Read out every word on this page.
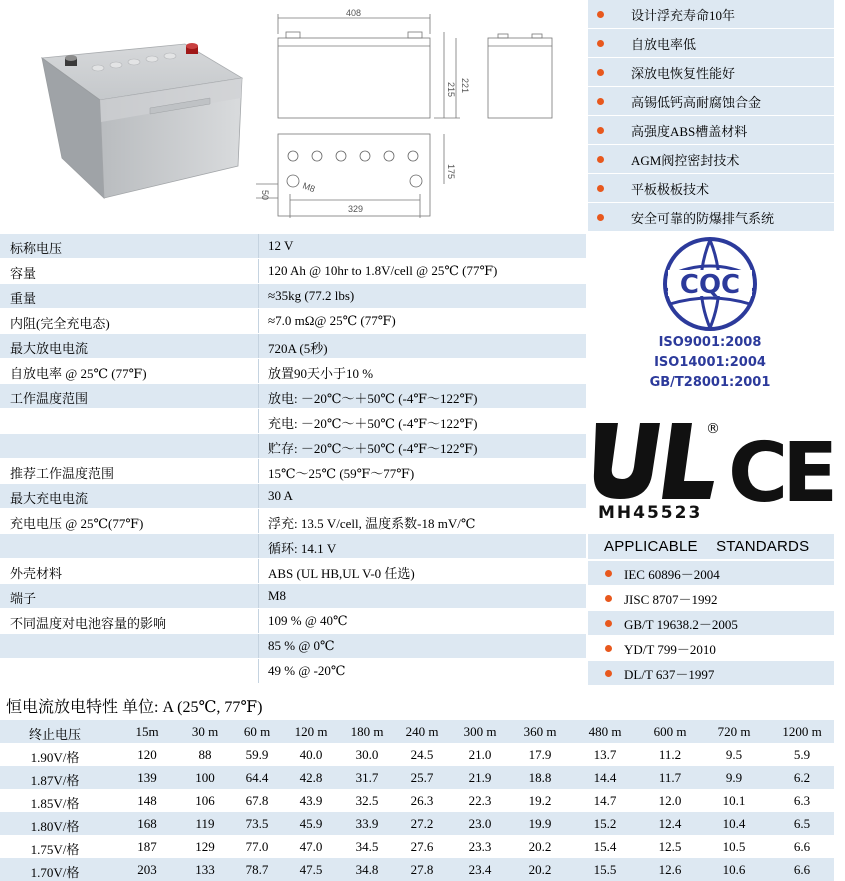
408
221
215
175
329
50
M8
设计浮充寿命10年
自放电率低
深放电恢复性能好
高锡低钙高耐腐蚀合金
高强度ABS槽盖材料
AGM阀控密封技术
平板极板技术
安全可靠的防爆排气系统
标称电压	12 V
容量	120 Ah @ 10hr to 1.8V/cell @ 25℃ (77℉)
重量	≈35kg (77.2 lbs)
内阻(完全充电态)	≈7.0 mΩ@ 25℃ (77℉)
最大放电电流	720A (5秒)
自放电率 @ 25℃ (77℉)	放置90天小于10 %
工作温度范围	放电: －20℃～＋50℃ (-4℉～122℉)
充电: －20℃～＋50℃ (-4℉～122℉)
贮存: －20℃～＋50℃ (-4℉～122℉)
推荐工作温度范围	15℃～25℃ (59℉～77℉)
最大充电电流	30 A
充电电压 @ 25℃(77℉)	浮充: 13.5 V/cell, 温度系数-18 mV/℃
循环: 14.1 V
外壳材料	ABS (UL HB,UL V-0 任选)
端子	M8
不同温度对电池容量的影响	109 % @ 40℃
85 % @ 0℃
49 % @ -20℃
CQC
ISO9001:2008
ISO14001:2004
GB/T28001:2001
®
MH45523 CE
APPLICABLE STANDARDS
IEC 60896－2004
JISC 8707－1992
GB/T 19638.2－2005
YD/T 799－2010
DL/T 637－1997
恒电流放电特性 单位: A (25℃, 77℉)
终止电压	15m	30 m	60 m	120 m	180 m	240 m	300 m	360 m	480 m	600 m	720 m	1200 m
1.90V/格	120	88	59.9	40.0	30.0	24.5	21.0	17.9	13.7	11.2	9.5	5.9
1.87V/格	139	100	64.4	42.8	31.7	25.7	21.9	18.8	14.4	11.7	9.9	6.2
1.85V/格	148	106	67.8	43.9	32.5	26.3	22.3	19.2	14.7	12.0	10.1	6.3
1.80V/格	168	119	73.5	45.9	33.9	27.2	23.0	19.9	15.2	12.4	10.4	6.5
1.75V/格	187	129	77.0	47.0	34.5	27.6	23.3	20.2	15.4	12.5	10.5	6.6
1.70V/格	203	133	78.7	47.5	34.8	27.8	23.4	20.2	15.5	12.6	10.6	6.6
